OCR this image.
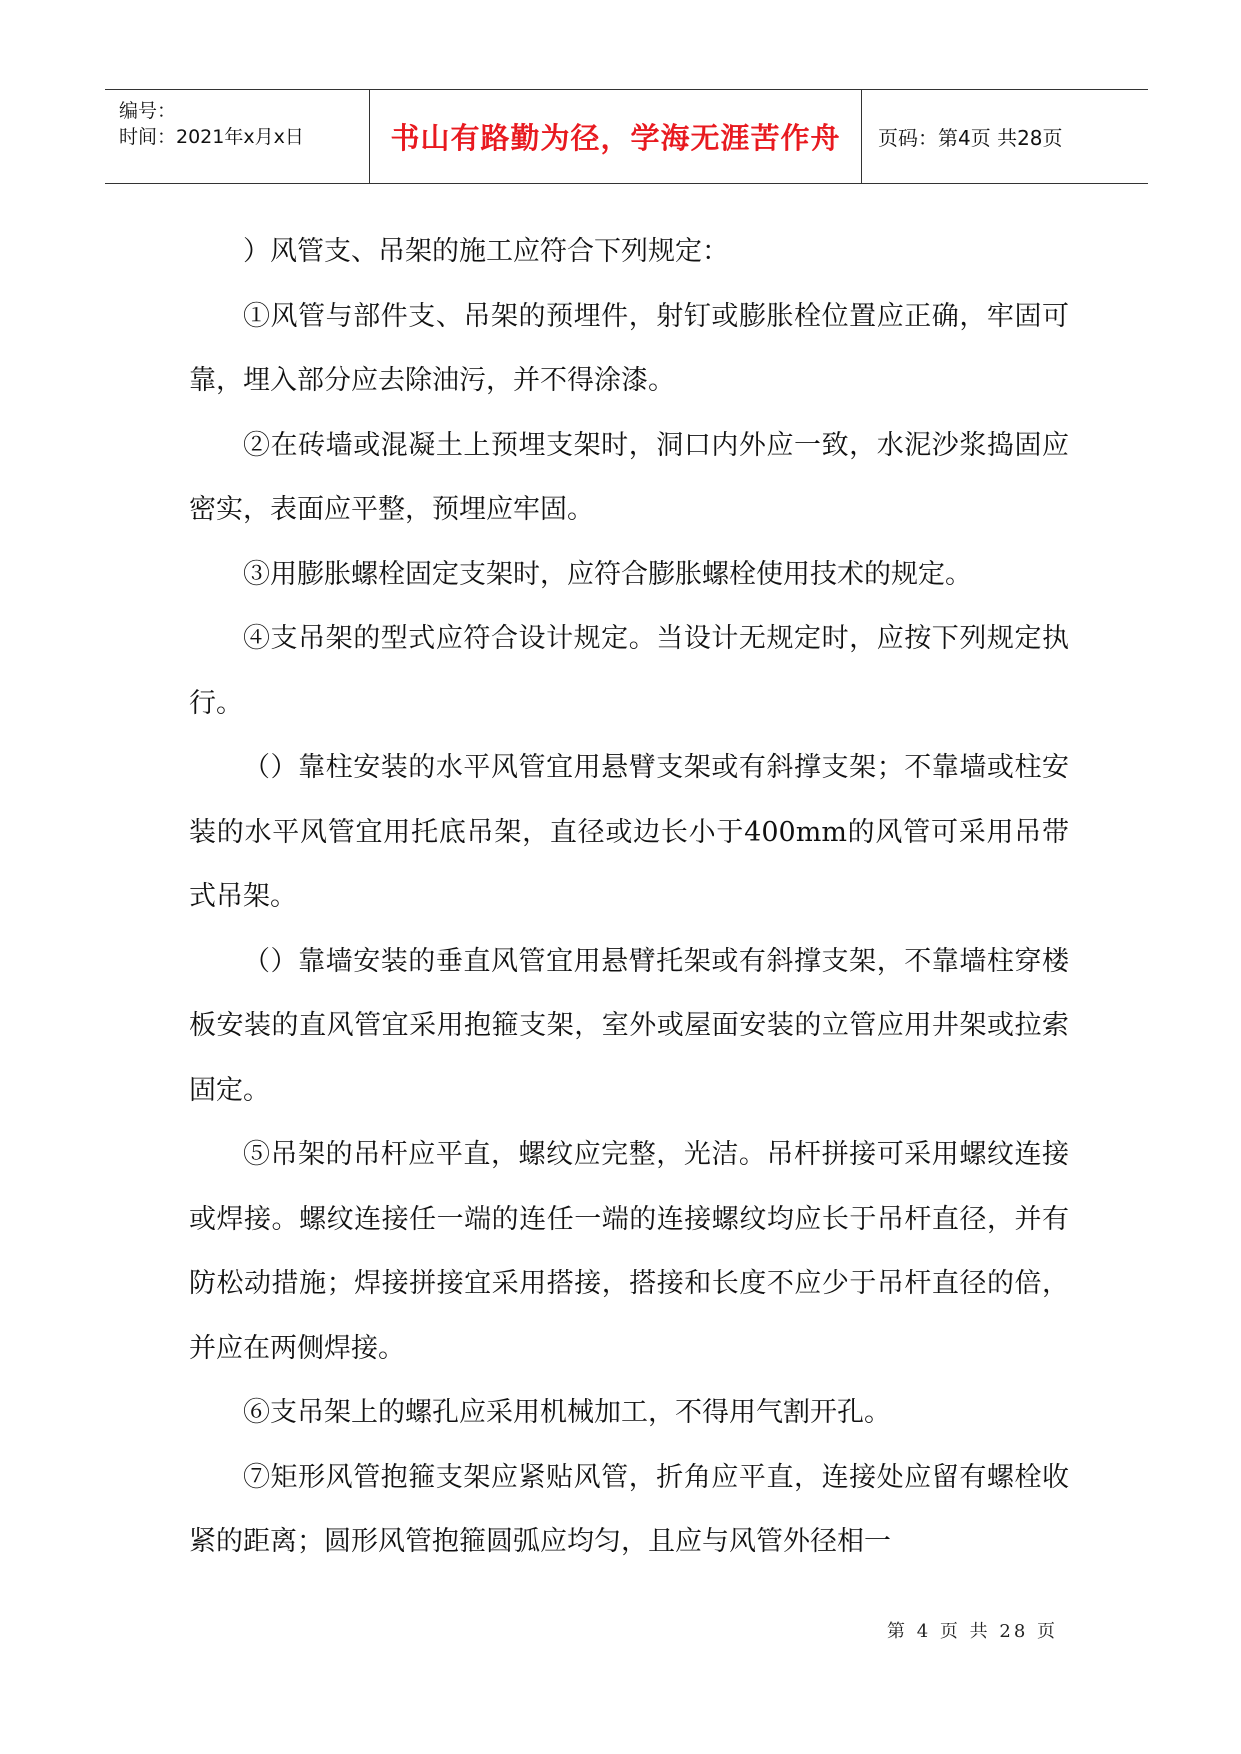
编号：
时间：2021年x月x日	书山有路勤为径，学海无涯苦作舟 页码：第4页 共28页

）风管支、吊架的施工应符合下列规定：

①风管与部件支、吊架的预埋件，射钉或膨胀栓位置应正确，牢固可靠，埋入部分应去除油污，并不得涂漆。

②在砖墙或混凝土上预埋支架时，洞口内外应一致，水泥沙浆捣固应密实，表面应平整，预埋应牢固。

③用膨胀螺栓固定支架时，应符合膨胀螺栓使用技术的规定。

④支吊架的型式应符合设计规定。当设计无规定时，应按下列规定执行。

（）靠柱安装的水平风管宜用悬臂支架或有斜撑支架；不靠墙或柱安装的水平风管宜用托底吊架，直径或边长小于400mm的风管可采用吊带式吊架。

（）靠墙安装的垂直风管宜用悬臂托架或有斜撑支架，不靠墙柱穿楼板安装的直风管宜采用抱箍支架，室外或屋面安装的立管应用井架或拉索固定。

⑤吊架的吊杆应平直，螺纹应完整，光洁。吊杆拼接可采用螺纹连接或焊接。螺纹连接任一端的连任一端的连接螺纹均应长于吊杆直径，并有防松动措施；焊接拼接宜采用搭接，搭接和长度不应少于吊杆直径的倍，并应在两侧焊接。

⑥支吊架上的螺孔应采用机械加工，不得用气割开孔。

⑦矩形风管抱箍支架应紧贴风管，折角应平直，连接处应留有螺栓收紧的距离；圆形风管抱箍圆弧应均匀，且应与风管外径相一

第 4 页 共 28 页
